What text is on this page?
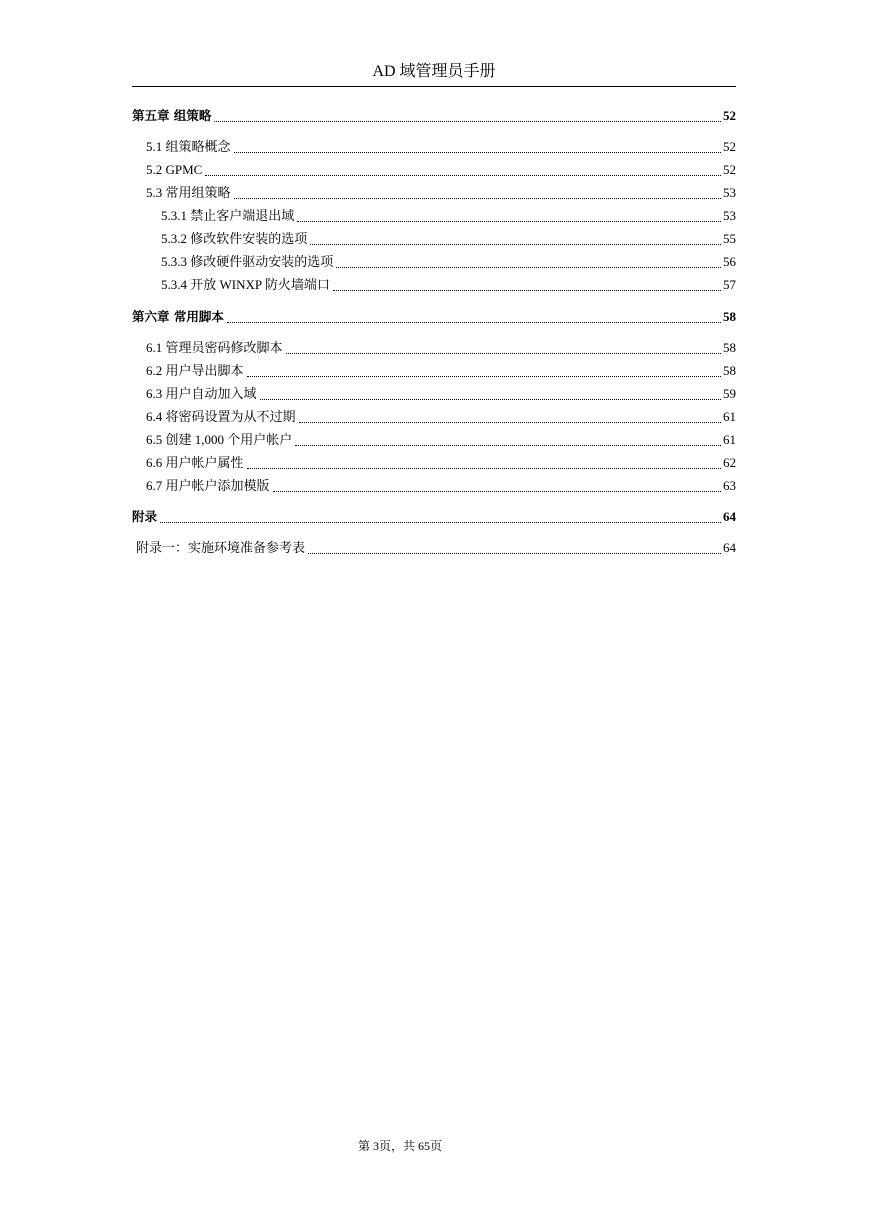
AD 域管理员手册
第五章 组策略	52
5.1 组策略概念	52
5.2 GPMC	52
5.3 常用组策略	53
5.3.1 禁止客户端退出域	53
5.3.2 修改软件安装的选项	55
5.3.3 修改硬件驱动安装的选项	56
5.3.4 开放 WINXP 防火墙端口	57
第六章 常用脚本	58
6.1 管理员密码修改脚本	58
6.2 用户导出脚本	58
6.3 用户自动加入域	59
6.4 将密码设置为从不过期	61
6.5 创建 1,000 个用户帐户	61
6.6 用户帐户属性	62
6.7 用户帐户添加模版	63
附录	64
附录一：实施环境准备参考表	64
第 3页，共 65页
